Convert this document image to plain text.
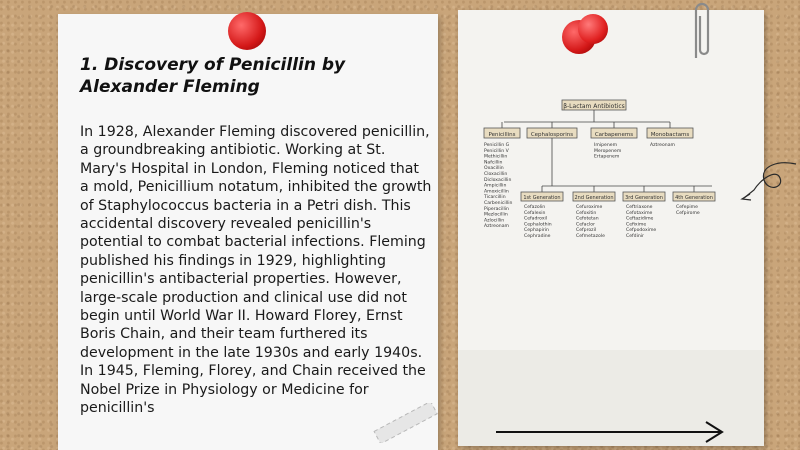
1. Discovery of Penicillin by Alexander Fleming
In 1928, Alexander Fleming discovered penicillin, a groundbreaking antibiotic. Working at St. Mary's Hospital in London, Fleming noticed that a mold, Penicillium notatum, inhibited the growth of Staphylococcus bacteria in a Petri dish. This accidental discovery revealed penicillin's potential to combat bacterial infections. Fleming published his findings in 1929, highlighting penicillin's antibacterial properties. However, large-scale production and clinical use did not begin until World War II. Howard Florey, Ernst Boris Chain, and their team furthered its development in the late 1930s and early 1940s. In 1945, Fleming, Florey, and Chain received the Nobel Prize in Physiology or Medicine for penicillin's
β-Lactam Antibiotics
Penicillins
Penicillin G
Penicillin V
Methicillin
Nafcillin
Oxacillin
Cloxacillin
Dicloxacillin
Ampicillin
Amoxicillin
Ticarcillin
Carbenicillin
Piperacillin
Mezlocillin
Azlocillin
Aztreonam
Cephalosporins	Carbapenems
Imipenem
Meropenem
Ertapenem
Monobactams
Aztreonam
1st Generation
Cefazolin
Cefalexin
Cefadroxil
Cephalothin
Cephapirin
Cephradine
2nd Generation
Cefuroxime
Cefoxitin
Cefotetan
Cefaclor
Cefprozil
Cefmetazole
3rd Generation
Ceftriaxone
Cefotaxime
Ceftazidime
Cefixime
Cefpodoxime
Cefdinir
4th Generation
Cefepime
Cefpirome
